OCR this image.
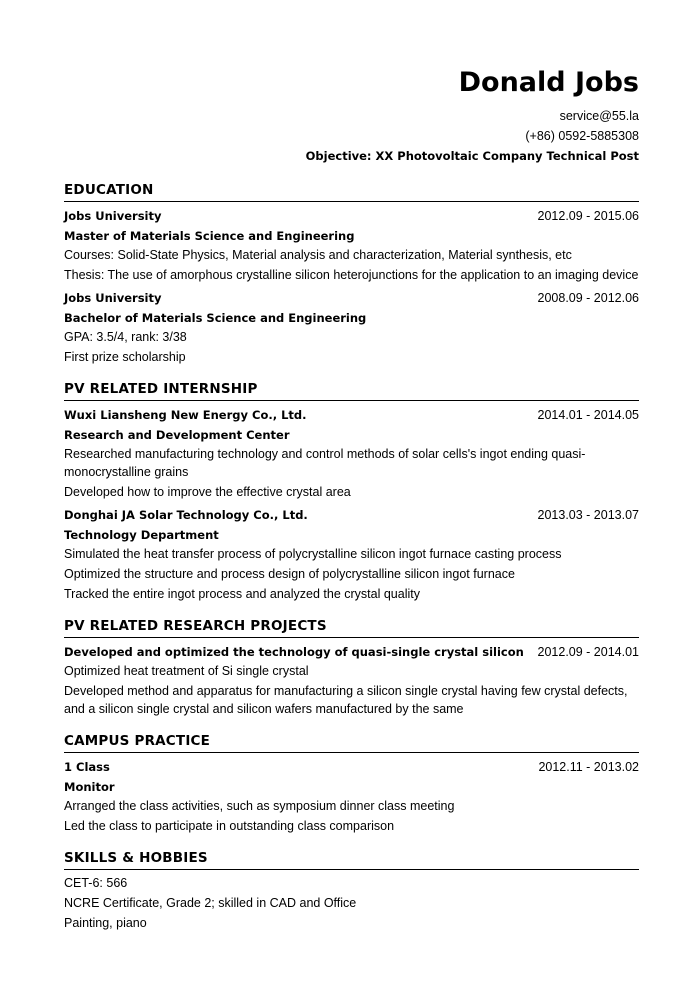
Donald Jobs
service@55.la
(+86) 0592-5885308
Objective: XX Photovoltaic Company Technical Post
EDUCATION
Jobs University	2012.09 - 2015.06
Master of Materials Science and Engineering
Courses: Solid-State Physics, Material analysis and characterization, Material synthesis, etc
Thesis: The use of amorphous crystalline silicon heterojunctions for the application to an imaging device
Jobs University	2008.09 - 2012.06
Bachelor of Materials Science and Engineering
GPA: 3.5/4, rank: 3/38
First prize scholarship
PV RELATED INTERNSHIP
Wuxi Liansheng New Energy Co., Ltd.	2014.01 - 2014.05
Research and Development Center
Researched manufacturing technology and control methods of solar cells's ingot ending quasi-monocrystalline grains
Developed how to improve the effective crystal area
Donghai JA Solar Technology Co., Ltd.	2013.03 - 2013.07
Technology Department
Simulated the heat transfer process of polycrystalline silicon ingot furnace casting process
Optimized the structure and process design of polycrystalline silicon ingot furnace
Tracked the entire ingot process and analyzed the crystal quality
PV RELATED RESEARCH PROJECTS
Developed and optimized the technology of quasi-single crystal silicon 2012.09 - 2014.01
Optimized heat treatment of Si single crystal
Developed method and apparatus for manufacturing a silicon single crystal having few crystal defects, and a silicon single crystal and silicon wafers manufactured by the same
CAMPUS PRACTICE
1 Class	2012.11 - 2013.02
Monitor
Arranged the class activities, such as symposium dinner class meeting
Led the class to participate in outstanding class comparison
SKILLS & HOBBIES
CET-6: 566
NCRE Certificate, Grade 2; skilled in CAD and Office
Painting, piano
